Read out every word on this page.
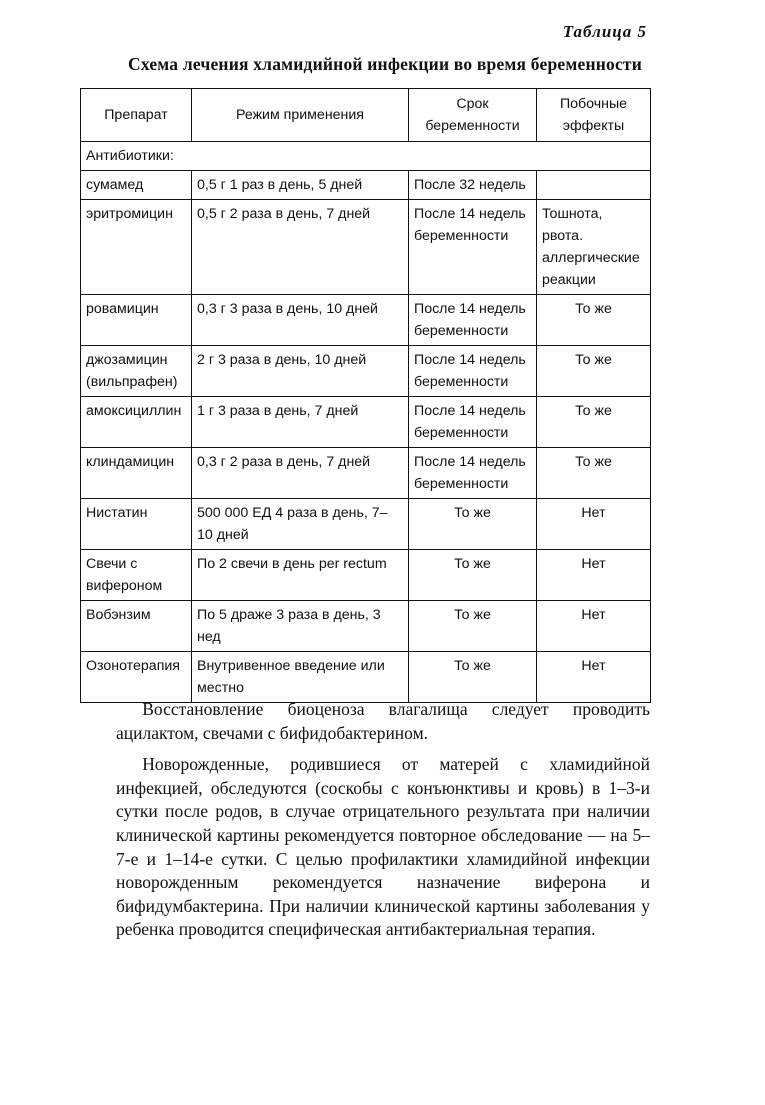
Таблица 5
Схема лечения хламидийной инфекции во время беременности
Препарат	Режим применения	Срок беременности	Побочные эффекты
Антибиотики:			
сумамед	0,5 г 1 раз в день, 5 дней	После 32 недель	
эритромицин	0,5 г 2 раза в день, 7 дней	После 14 недель беременности	Тошнота, рвота. аллергические реакции
ровамицин	0,3 г 3 раза в день, 10 дней	После 14 недель беременности	То же
джозамицин (вильпрафен)	2 г 3 раза в день, 10 дней	После 14 недель беременности	То же
амоксициллин	1 г 3 раза в день, 7 дней	После 14 недель беременности	То же
клиндамицин	0,3 г 2 раза в день, 7 дней	После 14 недель беременности	То же
Нистатин	500 000 ЕД 4 раза в день, 7–10 дней	То же	Нет
Свечи с вифероном	По 2 свечи в день per rectum	То же	Нет
Вобэнзим	По 5 драже 3 раза в день, 3 нед	То же	Нет
Озонотерапия	Внутривенное введение или местно	То же	Нет

Восстановление биоценоза влагалища следует проводить ацилактом, свечами с бифидобактерином.

Новорожденные, родившиеся от матерей с хламидийной инфекцией, обследуются (соскобы с конъюнктивы и кровь) в 1–3-и сутки после родов, в случае отрицательного результата при наличии клинической картины рекомендуется повторное обследование — на 5–7-е и 1–14-е сутки. С целью профилактики хламидийной инфекции новорожденным рекомендуется назначение виферона и бифидумбактерина. При наличии клинической картины заболевания у ребенка проводится специфическая антибактериальная терапия.
